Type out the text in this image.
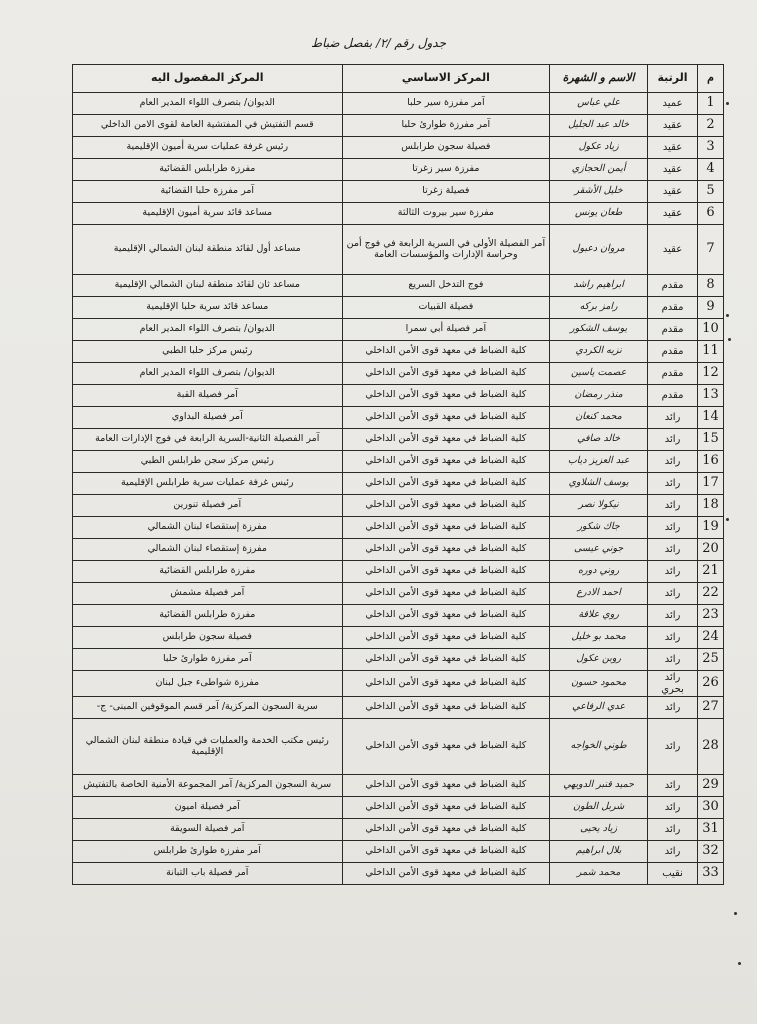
جدول رقم /٢/ بفصل ضباط
م	الرتبة	الاسم و الشهرة	المركز الاساسي	المركز المفصول اليه
1	عميد	علي عباس	آمر مفرزة سير حلبا	الديوان/ بتصرف اللواء المدير العام
2	عقيد	خالد عبد الجليل	آمر مفرزة طوارئ حلبا	قسم التفتيش في المفتشية العامة لقوى الامن الداخلي
3	عقيد	زياد عكول	فصيلة سجون طرابلس	رئيس غرفة عمليات سرية أميون الإقليمية
4	عقيد	أيمن الحجازي	مفرزة سير زغرتا	مفرزة طرابلس القضائية
5	عقيد	خليل الأشقر	فصيلة زغرتا	آمر مفرزة حلبا القضائية
6	عقيد	طعان يونس	مفرزة سير بيروت الثالثة	مساعد قائد سرية أميون الإقليمية
7	عقيد	مروان دعبول	آمر الفصيلة الأولى في السرية الرابعة في فوج أمن وحراسة الإدارات والمؤسسات العامة	مساعد أول لقائد منطقة لبنان الشمالي الإقليمية
8	مقدم	ابراهيم راشد	فوج التدخل السريع	مساعد ثان لقائد منطقة لبنان الشمالي الإقليمية
9	مقدم	رامز بركه	فصيلة القبيات	مساعد قائد سرية حلبا الإقليمية
10	مقدم	يوسف الشكور	آمر فصيلة أبي سمرا	الديوان/ بتصرف اللواء المدير العام
11	مقدم	نزيه الكردي	كلية الضباط في معهد قوى الأمن الداخلي	رئيس مركز حلبا الطبي
12	مقدم	عصمت ياسين	كلية الضباط في معهد قوى الأمن الداخلي	الديوان/ بتصرف اللواء المدير العام
13	مقدم	منذر رمضان	كلية الضباط في معهد قوى الأمن الداخلي	آمر فصيلة القبة
14	رائد	محمد كنعان	كلية الضباط في معهد قوى الأمن الداخلي	آمر فصيلة البداوي
15	رائد	خالد صافي	كلية الضباط في معهد قوى الأمن الداخلي	آمر الفصيلة الثانية-السرية الرابعة في فوج الإدارات العامة
16	رائد	عبد العزيز دياب	كلية الضباط في معهد قوى الأمن الداخلي	رئيس مركز سجن طرابلس الطبي
17	رائد	يوسف الشلاوي	كلية الضباط في معهد قوى الأمن الداخلي	رئيس غرفة عمليات سرية طرابلس الإقليمية
18	رائد	نيكولا نصر	كلية الضباط في معهد قوى الأمن الداخلي	آمر فصيلة تنورين
19	رائد	جاك شكور	كلية الضباط في معهد قوى الأمن الداخلي	مفرزة إستقصاء لبنان الشمالي
20	رائد	جوني عيسى	كلية الضباط في معهد قوى الأمن الداخلي	مفرزة إستقصاء لبنان الشمالي
21	رائد	روني دوره	كلية الضباط في معهد قوى الأمن الداخلي	مفرزة طرابلس القضائية
22	رائد	احمد الادرع	كلية الضباط في معهد قوى الأمن الداخلي	آمر فصيلة مشمش
23	رائد	روي علاقة	كلية الضباط في معهد قوى الأمن الداخلي	مفرزة طرابلس القضائية
24	رائد	محمد بو خليل	كلية الضباط في معهد قوى الأمن الداخلي	فصيلة سجون طرابلس
25	رائد	روبن عكول	كلية الضباط في معهد قوى الأمن الداخلي	آمر مفرزة طوارئ حلبا
26	رائد بحري	محمود حسون	كلية الضباط في معهد قوى الأمن الداخلي	مفرزة شواطىء جبل لبنان
27	رائد	عدي الرفاعي	كلية الضباط في معهد قوى الأمن الداخلي	سرية السجون المركزية/ آمر قسم الموقوفين المبنى- ج-
28	رائد	طوني الخواجه	كلية الضباط في معهد قوى الأمن الداخلي	رئيس مكتب الخدمة والعمليات في قيادة منطقة لبنان الشمالي الإقليمية
29	رائد	حميد قنبر الدويهي	كلية الضباط في معهد قوى الأمن الداخلي	سرية السجون المركزية/ آمر المجموعة الأمنية الخاصة بالتفتيش
30	رائد	شربل الطون	كلية الضباط في معهد قوى الأمن الداخلي	آمر فصيلة اميون
31	رائد	زياد يحيى	كلية الضباط في معهد قوى الأمن الداخلي	آمر فصيلة السويقة
32	رائد	بلال ابراهيم	كلية الضباط في معهد قوى الأمن الداخلي	آمر مفرزة طوارئ طرابلس
33	نقيب	محمد شمر	كلية الضباط في معهد قوى الأمن الداخلي	آمر فصيلة باب التبانة
